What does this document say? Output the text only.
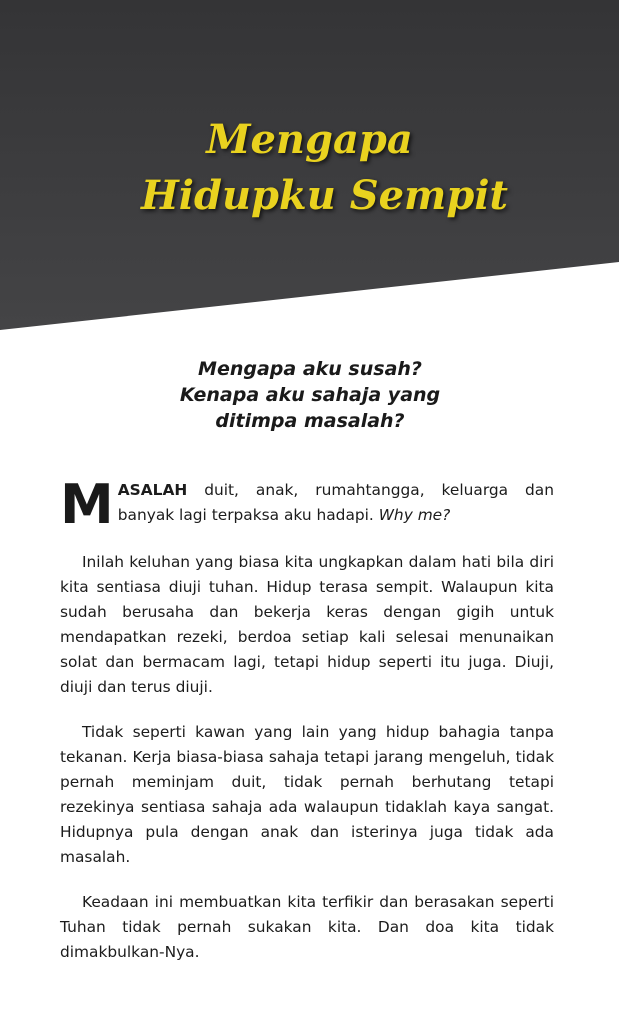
Mengapa
Hidupku Sempit
Mengapa aku susah?
Kenapa aku sahaja yang
ditimpa masalah?

MASALAH duit, anak, rumahtangga, keluarga dan banyak lagi terpaksa aku hadapi. Why me?

Inilah keluhan yang biasa kita ungkapkan dalam hati bila diri kita sentiasa diuji tuhan. Hidup terasa sempit. Walaupun kita sudah berusaha dan bekerja keras dengan gigih untuk mendapatkan rezeki, berdoa setiap kali selesai menunaikan solat dan bermacam lagi, tetapi hidup seperti itu juga. Diuji, diuji dan terus diuji.

Tidak seperti kawan yang lain yang hidup bahagia tanpa tekanan. Kerja biasa-biasa sahaja tetapi jarang mengeluh, tidak pernah meminjam duit, tidak pernah berhutang tetapi rezekinya sentiasa sahaja ada walaupun tidaklah kaya sangat. Hidupnya pula dengan anak dan isterinya juga tidak ada masalah.

Keadaan ini membuatkan kita terfikir dan berasakan seperti Tuhan tidak pernah sukakan kita. Dan doa kita tidak dimakbulkan-Nya.
